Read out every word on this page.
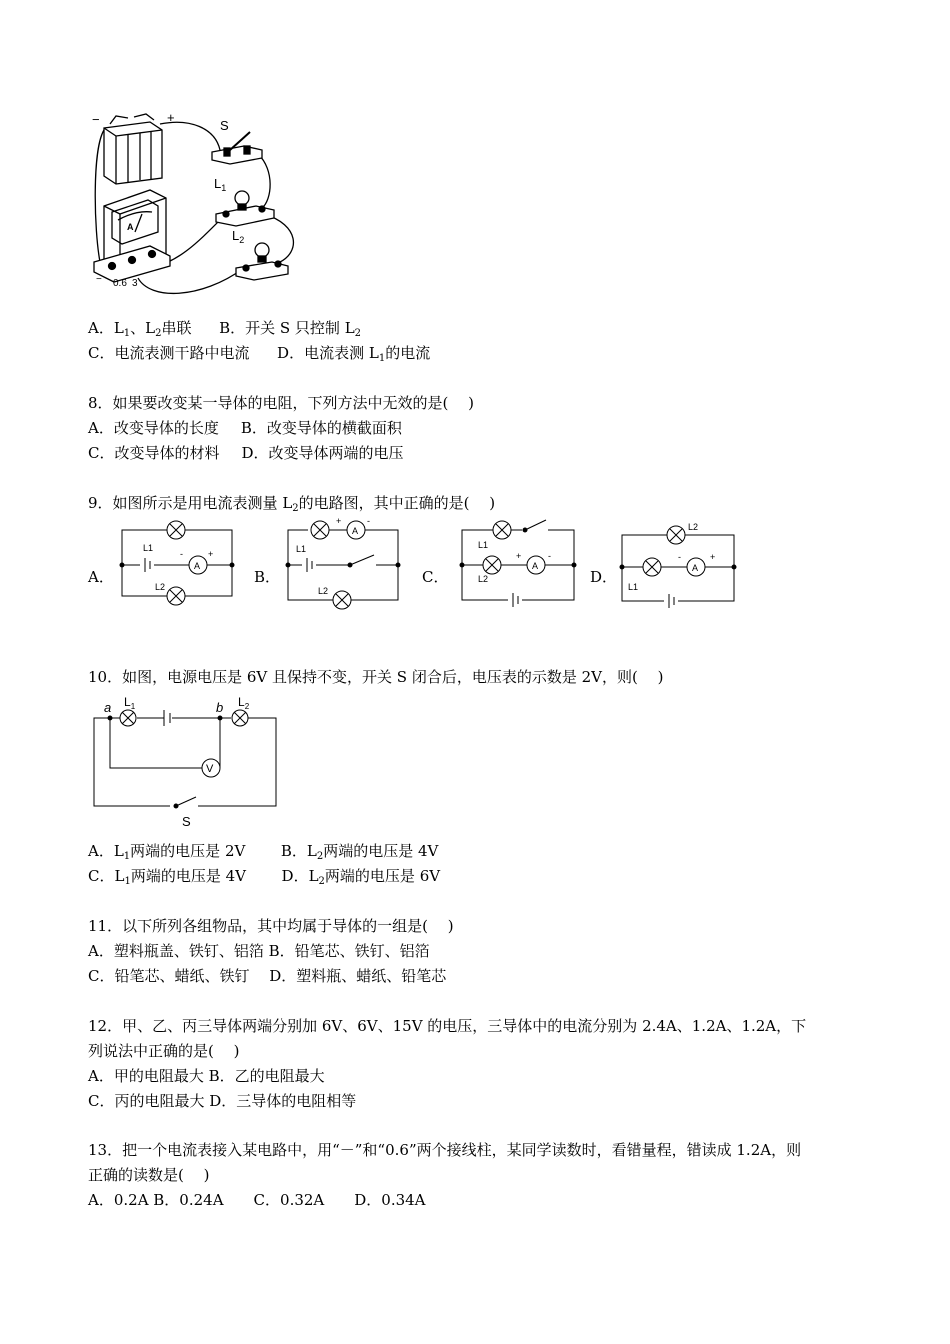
−	+
S
$L_1$
$L_2$
A
− 0.6 3
A．$L_1$、$L_2$串联 B．开关 S 只控制 $L_2$
C．电流表测干路中电流 D．电流表测 $L_1$的电流
8．如果要改变某一导体的电阻，下列方法中无效的是(　 )
A．改变导体的长度 B．改变导体的横截面积
C．改变导体的材料 D．改变导体两端的电压
9．如图所示是用电流表测量 $L_2$的电路图，其中正确的是(　 )
A．	B．	C．	D．
L1
L2
A
-	+	L1
L2
A
+	-
L1
L2
A
+	-
L2
L1
A
-	+
10．如图，电源电压是 6V 且保持不变，开关 S 闭合后，电压表的示数是 2V，则(　 )
a	b
$L_1$	$L_2$
V
S
A．$L_1$两端的电压是 2V B．$L_2$两端的电压是 4V
C．$L_1$两端的电压是 4V D．$L_2$两端的电压是 6V
11．以下所列各组物品，其中均属于导体的一组是(　 )
A．塑料瓶盖、铁钉、铝箔 B．铅笔芯、铁钉、铝箔
C．铅笔芯、蜡纸、铁钉　 D．塑料瓶、蜡纸、铅笔芯
12．甲、乙、丙三导体两端分别加 6V、6V、15V 的电压，三导体中的电流分别为 2.4A、1.2A、1.2A，下
列说法中正确的是(　 )
A．甲的电阻最大 B．乙的电阻最大
C．丙的电阻最大 D．三导体的电阻相等
13．把一个电流表接入某电路中，用“－”和“0.6”两个接线柱，某同学读数时，看错量程，错读成 1.2A，则
正确的读数是(　 )
A．0.2A B．0.24A　　C．0.32A　　D．0.34A
